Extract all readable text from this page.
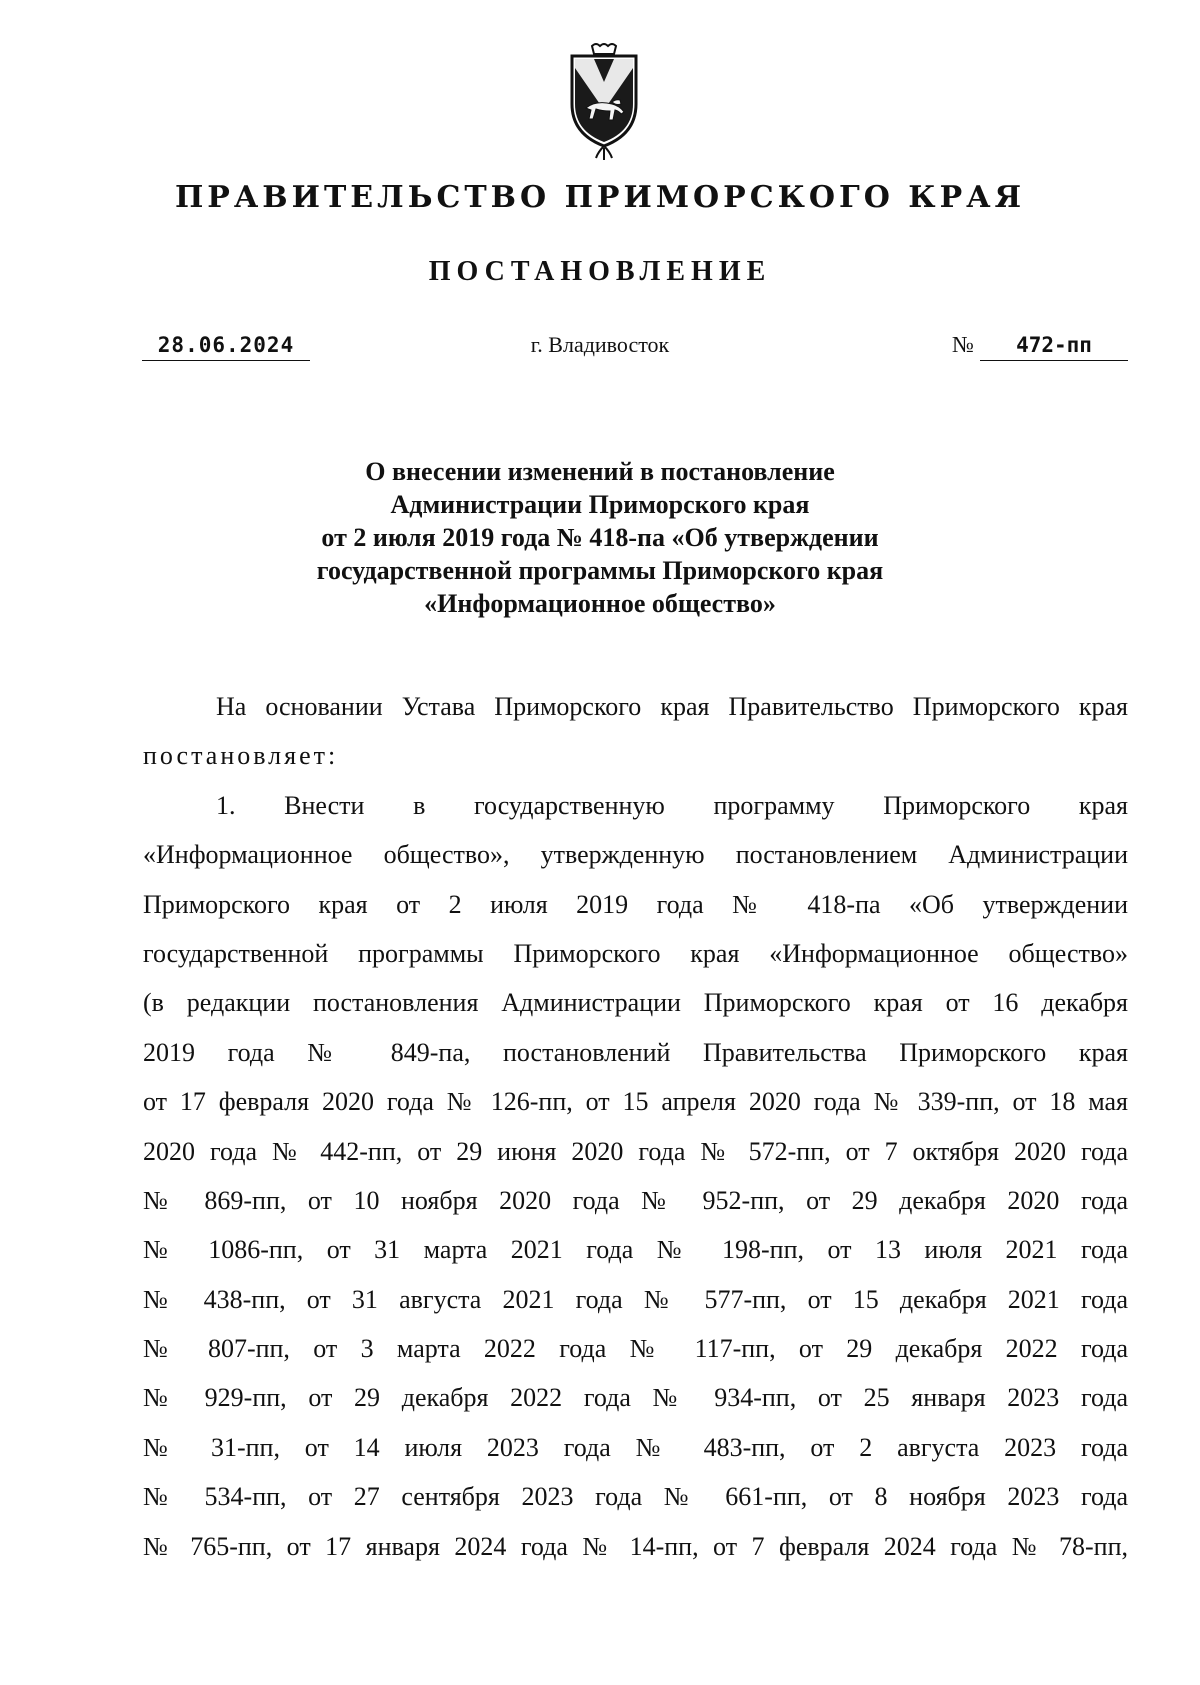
ПРАВИТЕЛЬСТВО ПРИМОРСКОГО КРАЯ
ПОСТАНОВЛЕНИЕ
28.06.2024	г. Владивосток	№	472-пп
О внесении изменений в постановление
Администрации Приморского края
от 2 июля 2019 года № 418-па «Об утверждении
государственной программы Приморского края
«Информационное общество»
На основании Устава Приморского края Правительство Приморского края
постановляет:
1. Внести в государственную программу Приморского края
«Информационное общество», утвержденную постановлением Администрации
Приморского края от 2 июля 2019 года № 418-па «Об утверждении
государственной программы Приморского края «Информационное общество»
(в редакции постановления Администрации Приморского края от 16 декабря
2019 года № 849-па, постановлений Правительства Приморского края
от 17 февраля 2020 года № 126-пп, от 15 апреля 2020 года № 339-пп, от 18 мая
2020 года № 442-пп, от 29 июня 2020 года № 572-пп, от 7 октября 2020 года
№ 869-пп, от 10 ноября 2020 года № 952-пп, от 29 декабря 2020 года
№ 1086-пп, от 31 марта 2021 года № 198-пп, от 13 июля 2021 года
№ 438-пп, от 31 августа 2021 года № 577-пп, от 15 декабря 2021 года
№ 807-пп, от 3 марта 2022 года № 117-пп, от 29 декабря 2022 года
№ 929-пп, от 29 декабря 2022 года № 934-пп, от 25 января 2023 года
№ 31-пп, от 14 июля 2023 года № 483-пп, от 2 августа 2023 года
№ 534-пп, от 27 сентября 2023 года № 661-пп, от 8 ноября 2023 года
№ 765-пп, от 17 января 2024 года № 14-пп, от 7 февраля 2024 года № 78-пп,
